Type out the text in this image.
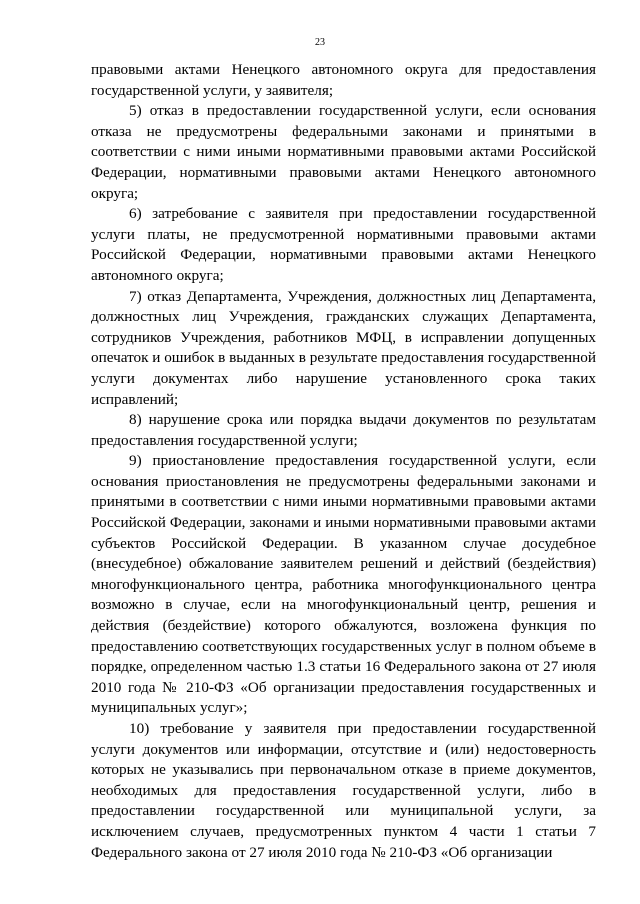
23

правовыми актами Ненецкого автономного округа для предоставления государственной услуги, у заявителя;

5) отказ в предоставлении государственной услуги, если основания отказа не предусмотрены федеральными законами и принятыми в соответствии с ними иными нормативными правовыми актами Российской Федерации, нормативными правовыми актами Ненецкого автономного округа;

6) затребование с заявителя при предоставлении государственной услуги платы, не предусмотренной нормативными правовыми актами Российской Федерации, нормативными правовыми актами Ненецкого автономного округа;

7) отказ Департамента, Учреждения, должностных лиц Департамента, должностных лиц Учреждения, гражданских служащих Департамента, сотрудников Учреждения, работников МФЦ, в исправлении допущенных опечаток и ошибок в выданных в результате предоставления государственной услуги документах либо нарушение установленного срока таких исправлений;

8) нарушение срока или порядка выдачи документов по результатам предоставления государственной услуги;

9) приостановление предоставления государственной услуги, если основания приостановления не предусмотрены федеральными законами и принятыми в соответствии с ними иными нормативными правовыми актами Российской Федерации, законами и иными нормативными правовыми актами субъектов Российской Федерации. В указанном случае досудебное (внесудебное) обжалование заявителем решений и действий (бездействия) многофункционального центра, работника многофункционального центра возможно в случае, если на многофункциональный центр, решения и действия (бездействие) которого обжалуются, возложена функция по предоставлению соответствующих государственных услуг в полном объеме в порядке, определенном частью 1.3 статьи 16 Федерального закона от 27 июля 2010 года № 210-ФЗ «Об организации предоставления государственных и муниципальных услуг»;

10) требование у заявителя при предоставлении государственной услуги документов или информации, отсутствие и (или) недостоверность которых не указывались при первоначальном отказе в приеме документов, необходимых для предоставления государственной услуги, либо в предоставлении государственной или муниципальной услуги, за исключением случаев, предусмотренных пунктом 4 части 1 статьи 7 Федерального закона от 27 июля 2010 года № 210-ФЗ «Об организации
